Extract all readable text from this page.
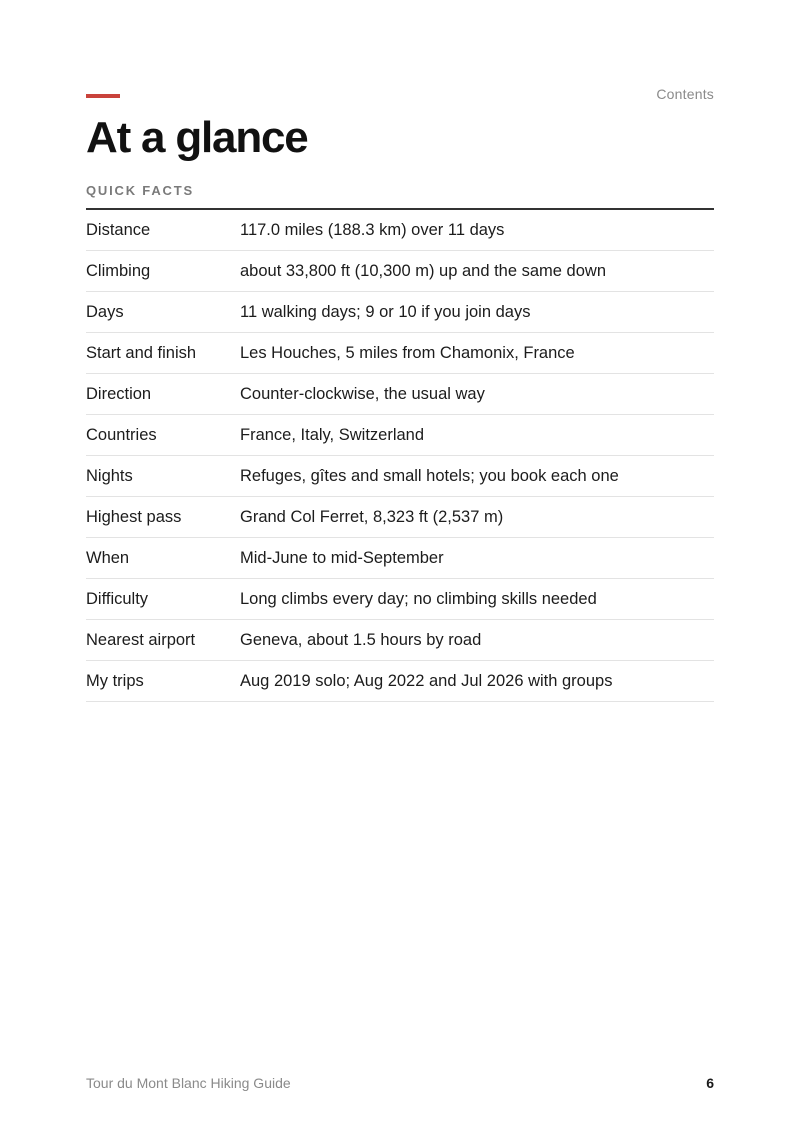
Contents
At a glance
QUICK FACTS
Distance	117.0 miles (188.3 km) over 11 days
Climbing	about 33,800 ft (10,300 m) up and the same down
Days	11 walking days; 9 or 10 if you join days
Start and finish	Les Houches, 5 miles from Chamonix, France
Direction	Counter-clockwise, the usual way
Countries	France, Italy, Switzerland
Nights	Refuges, gîtes and small hotels; you book each one
Highest pass	Grand Col Ferret, 8,323 ft (2,537 m)
When	Mid-June to mid-September
Difficulty	Long climbs every day; no climbing skills needed
Nearest airport	Geneva, about 1.5 hours by road
My trips	Aug 2019 solo; Aug 2022 and Jul 2026 with groups
Tour du Mont Blanc Hiking Guide	6
